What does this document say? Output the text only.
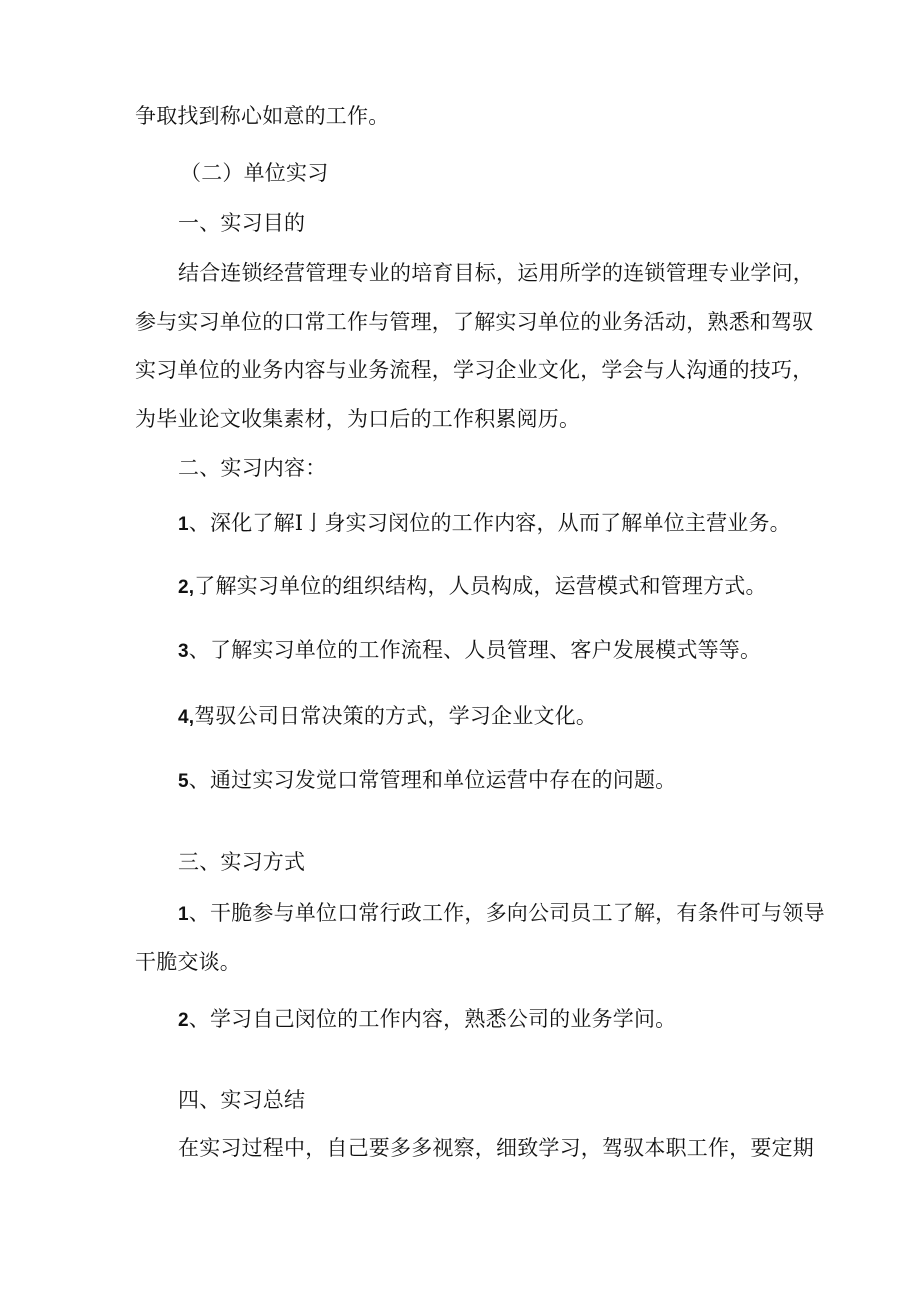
争取找到称心如意的工作。
（二）单位实习
一、实习目的
结合连锁经营管理专业的培育目标，运用所学的连锁管理专业学问，
参与实习单位的口常工作与管理，了解实习单位的业务活动，熟悉和驾驭
实习单位的业务内容与业务流程，学习企业文化，学会与人沟通的技巧，
为毕业论文收集素材，为口后的工作积累阅历。
二、实习内容：
1、深化了解I亅身实习闵位的工作内容，从而了解单位主营业务。
2,了解实习单位的组织结构，人员构成，运营模式和管理方式。
3、了解实习单位的工作流程、人员管理、客户发展模式等等。
4,驾驭公司日常决策的方式，学习企业文化。
5、通过实习发觉口常管理和单位运营中存在的问题。
三、实习方式
1、干脆参与单位口常行政工作，多向公司员工了解，有条件可与领导
干脆交谈。
2、学习自己闵位的工作内容，熟悉公司的业务学问。
四、实习总结
在实习过程中，自己要多多视察，细致学习，驾驭本职工作，要定期
